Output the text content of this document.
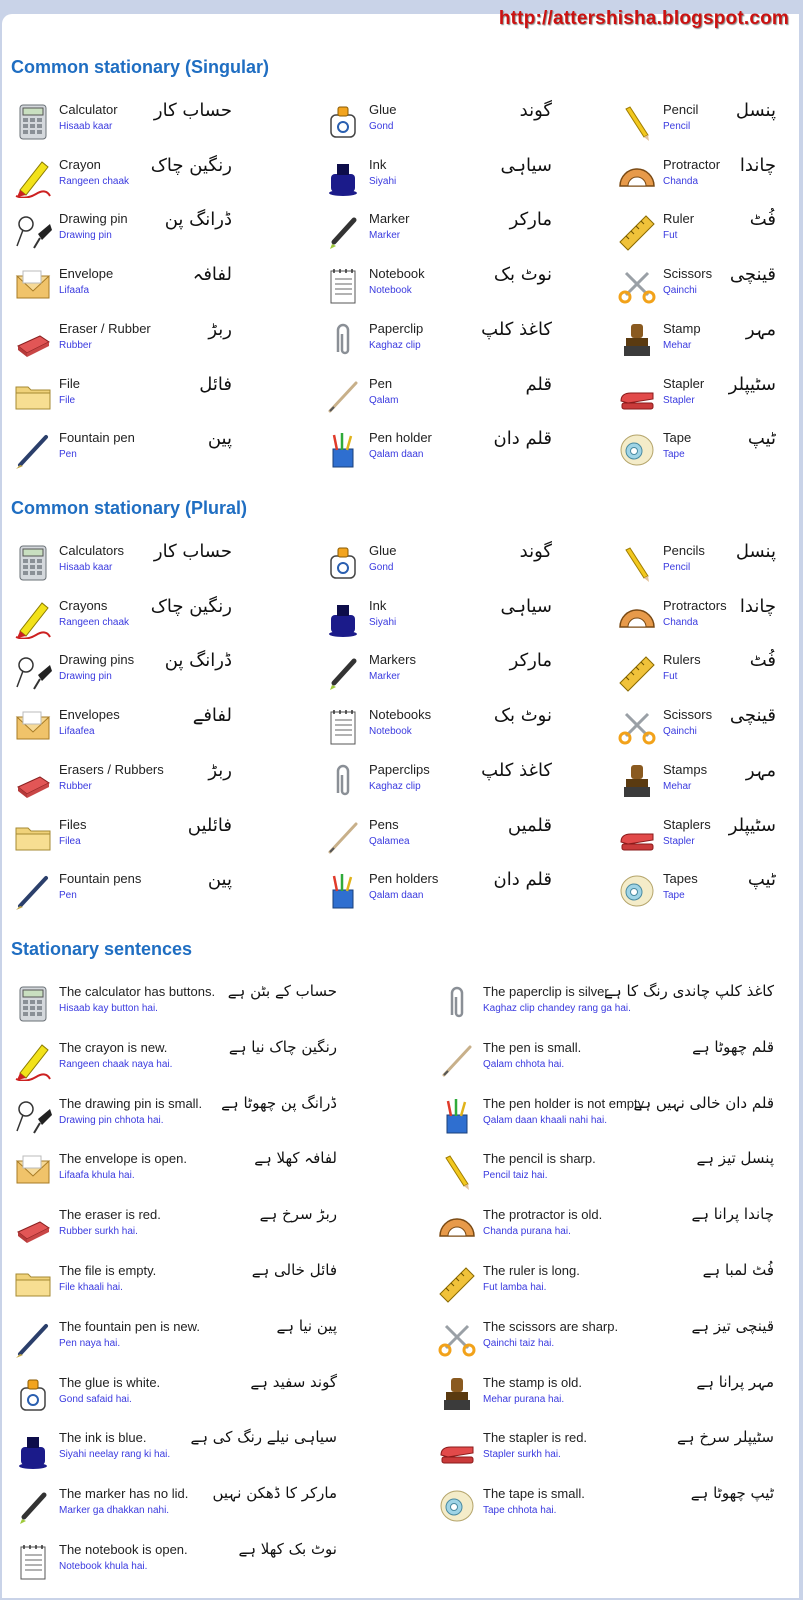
http://attershisha.blogspot.com
Common stationary (Singular)
Calculator
Hisaab kaar
حساب کار
Crayon
Rangeen chaak
رنگین چاک
Drawing pin
Drawing pin
ڈرانگ پن
Envelope
Lifaafa
لفافہ
Eraser / Rubber
Rubber
ربڑ
File
File
فائل
Fountain pen
Pen
پین
Glue
Gond
گوند
Ink
Siyahi
سیاہی
Marker
Marker
مارکر
Notebook
Notebook
نوٹ بک
Paperclip
Kaghaz clip
کاغذ کلپ
Pen
Qalam
قلم
Pen holder
Qalam daan
قلم دان
Pencil
Pencil
پنسل
Protractor
Chanda
چاندا
Ruler
Fut
فُٹ
Scissors
Qainchi
قینچی
Stamp
Mehar
مہر
Stapler
Stapler
سٹیپلر
Tape
Tape
ٹیپ
Common stationary (Plural)
Calculators
Hisaab kaar
حساب کار
Crayons
Rangeen chaak
رنگین چاک
Drawing pins
Drawing pin
ڈرانگ پن
Envelopes
Lifaafea
لفافے
Erasers / Rubbers
Rubber
ربڑ
Files
Filea
فائلیں
Fountain pens
Pen
پین
Glue
Gond
گوند
Ink
Siyahi
سیاہی
Markers
Marker
مارکر
Notebooks
Notebook
نوٹ بک
Paperclips
Kaghaz clip
کاغذ کلپ
Pens
Qalamea
قلمیں
Pen holders
Qalam daan
قلم دان
Pencils
Pencil
پنسل
Protractors
Chanda
چاندا
Rulers
Fut
فُٹ
Scissors
Qainchi
قینچی
Stamps
Mehar
مہر
Staplers
Stapler
سٹیپلر
Tapes
Tape
ٹیپ
Stationary sentences
The calculator has buttons.
Hisaab kay button hai.
حساب کے بٹن ہے
The crayon is new.
Rangeen chaak naya hai.
رنگین چاک نیا ہے
The drawing pin is small.
Drawing pin chhota hai.
ڈرانگ پن چھوٹا ہے
The envelope is open.
Lifaafa khula hai.
لفافہ کھلا ہے
The eraser is red.
Rubber surkh hai.
ربڑ سرخ ہے
The file is empty.
File khaali hai.
فائل خالی ہے
The fountain pen is new.
Pen naya hai.
پین نیا ہے
The glue is white.
Gond safaid hai.
گوند سفید ہے
The ink is blue.
Siyahi neelay rang ki hai.
سیاہی نیلے رنگ کی ہے
The marker has no lid.
Marker ga dhakkan nahi.
مارکر کا ڈھکن نہیں
The notebook is open.
Notebook khula hai.
نوٹ بک کھلا ہے
The paperclip is silver.
Kaghaz clip chandey rang ga hai.
کاغذ کلپ چاندی رنگ کا ہے
The pen is small.
Qalam chhota hai.
قلم چھوٹا ہے
The pen holder is not empty.
Qalam daan khaali nahi hai.
قلم دان خالی نہیں ہے
The pencil is sharp.
Pencil taiz hai.
پنسل تیز ہے
The protractor is old.
Chanda purana hai.
چاندا پرانا ہے
The ruler is long.
Fut lamba hai.
فُٹ لمبا ہے
The scissors are sharp.
Qainchi taiz hai.
قینچی تیز ہے
The stamp is old.
Mehar purana hai.
مہر پرانا ہے
The stapler is red.
Stapler surkh hai.
سٹیپلر سرخ ہے
The tape is small.
Tape chhota hai.
ٹیپ چھوٹا ہے
